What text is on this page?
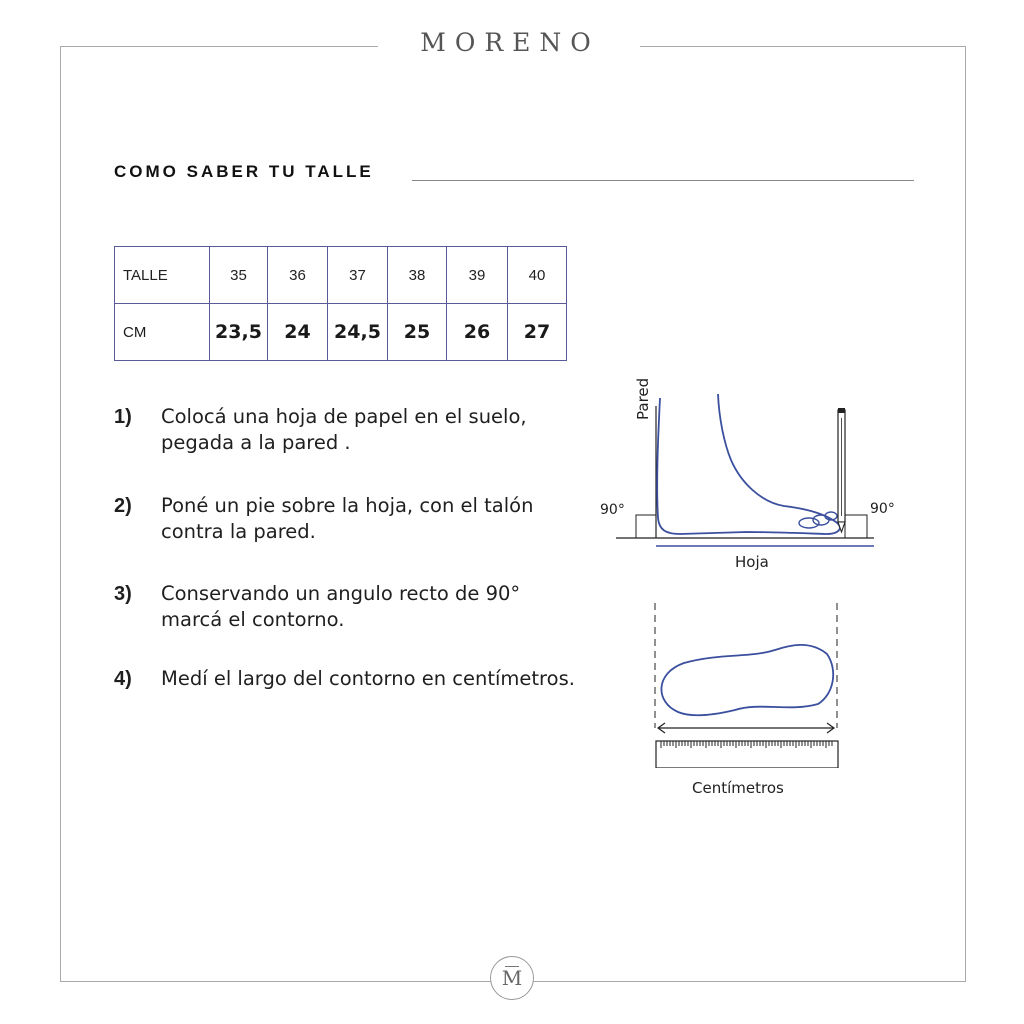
MORENO
COMO SABER TU TALLE
TALLE	35	36	37	38	39	40
CM	23,5	24	24,5	25	26	27
1) Colocá una hoja de papel en el suelo, pegada a la pared .
2) Poné un pie sobre la hoja, con el talón contra la pared.
3) Conservando un angulo recto de 90° marcá el contorno.
4) Medí el largo del contorno en centímetros.
Pared
90°	90°
Hoja
Centímetros
M
